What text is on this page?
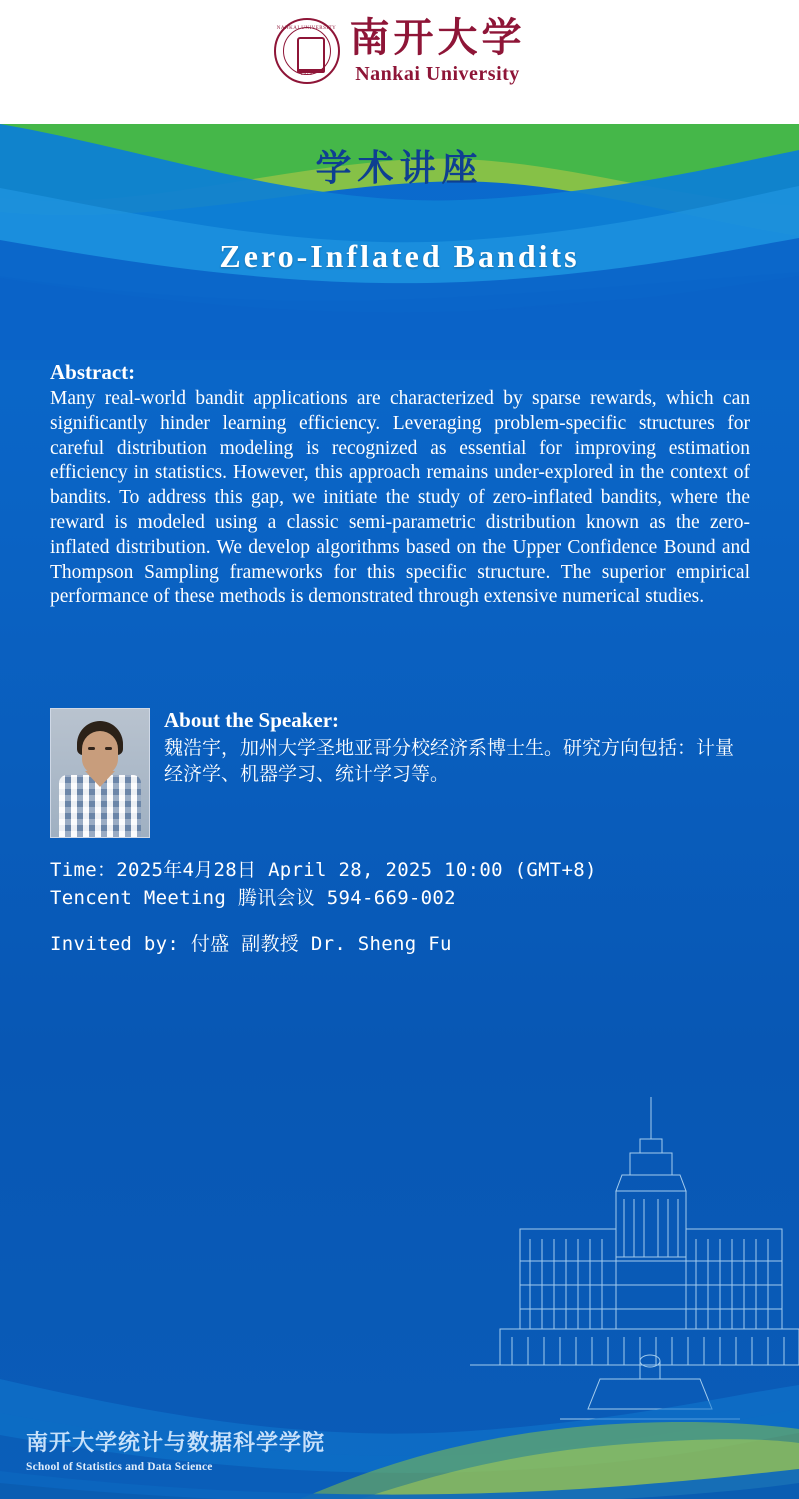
NANKAI UNIVERSITY
1919
南开大学
Nankai University
学术讲座
Zero-Inflated Bandits

Abstract:

Many real-world bandit applications are characterized by sparse rewards, which can significantly hinder learning efficiency. Leveraging problem-specific structures for careful distribution modeling is recognized as essential for improving estimation efficiency in statistics. However, this approach remains under-explored in the context of bandits. To address this gap, we initiate the study of zero-inflated bandits, where the reward is modeled using a classic semi-parametric distribution known as the zero-inflated distribution. We develop algorithms based on the Upper Confidence Bound and Thompson Sampling frameworks for this specific structure. The superior empirical performance of these methods is demonstrated through extensive numerical studies.

About the Speaker:

魏浩宇，加州大学圣地亚哥分校经济系博士生。研究方向包括：计量经济学、机器学习、统计学习等。
Time：2025年4月28日 April 28, 2025 10:00 (GMT+8)
Tencent Meeting 腾讯会议 594-669-002
Invited by: 付盛 副教授 Dr. Sheng Fu
南开大学统计与数据科学学院
School of Statistics and Data Science
